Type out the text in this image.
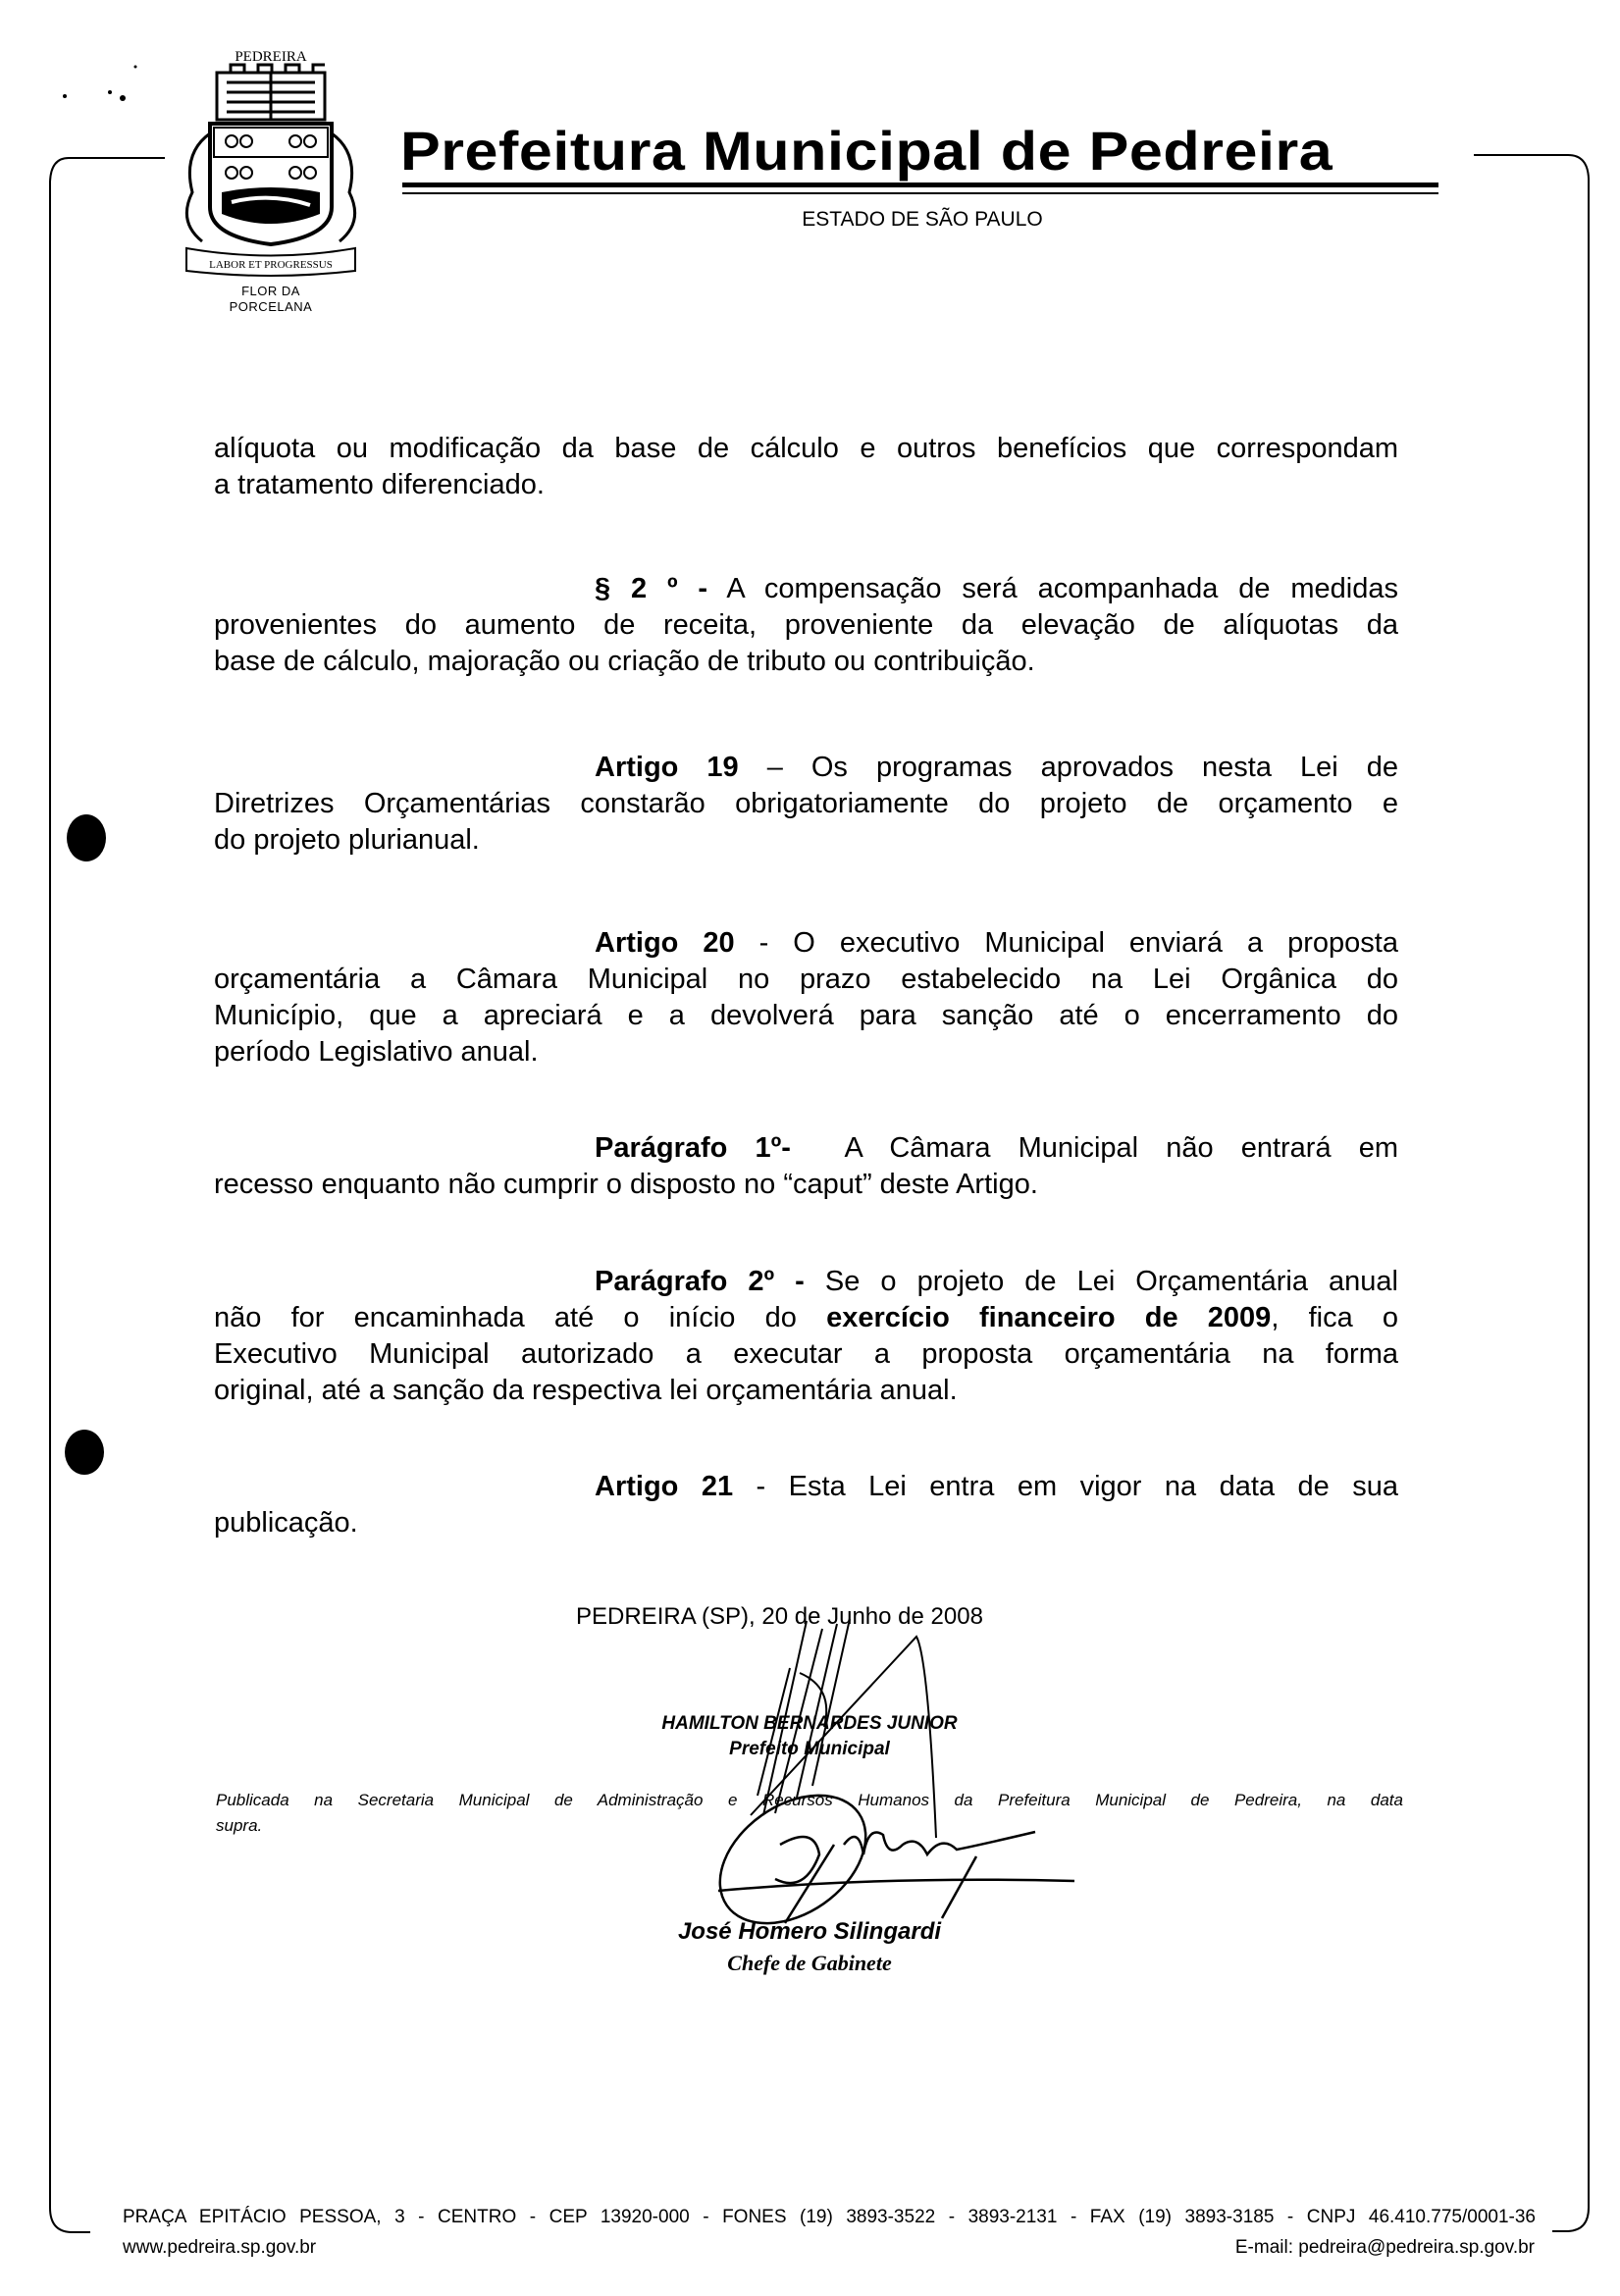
LABOR ET PROGRESSUS
PEDREIRA
FLOR DA
PORCELANA
Prefeitura Municipal de Pedreira
ESTADO DE SÃO PAULO
alíquota ou modificação da base de cálculo e outros benefícios que correspondam
a tratamento diferenciado.
§ 2 º - A compensação será acompanhada de medidas
provenientes do aumento de receita, proveniente da elevação de alíquotas da
base de cálculo, majoração ou criação de tributo ou contribuição.
Artigo 19 – Os programas aprovados nesta Lei de
Diretrizes Orçamentárias constarão obrigatoriamente do projeto de orçamento e
do projeto plurianual.
Artigo 20 - O executivo Municipal enviará a proposta
orçamentária a Câmara Municipal no prazo estabelecido na Lei Orgânica do
Município, que a apreciará e a devolverá para sanção até o encerramento do
período Legislativo anual.
Parágrafo 1º-  A Câmara Municipal não entrará em
recesso enquanto não cumprir o disposto no “caput” deste Artigo.
Parágrafo 2º - Se o projeto de Lei Orçamentária anual
não for encaminhada até o início do exercício financeiro de 2009, fica o
Executivo Municipal autorizado a executar a proposta orçamentária na forma
original, até a sanção da respectiva lei orçamentária anual.
Artigo 21 - Esta Lei entra em vigor na data de sua
publicação.
PEDREIRA (SP), 20 de Junho de 2008
HAMILTON BERNARDES JUNIOR
Prefeito Municipal
Publicada na Secretaria Municipal de Administração e Recursos Humanos da Prefeitura Municipal de Pedreira, na data
supra.
José Homero Silingardi
Chefe de Gabinete
PRAÇA EPITÁCIO PESSOA, 3 - CENTRO - CEP 13920-000 - FONES (19) 3893-3522 - 3893-2131 - FAX (19) 3893-3185 - CNPJ 46.410.775/0001-36
www.pedreira.sp.gov.br	E-mail: pedreira@pedreira.sp.gov.br
